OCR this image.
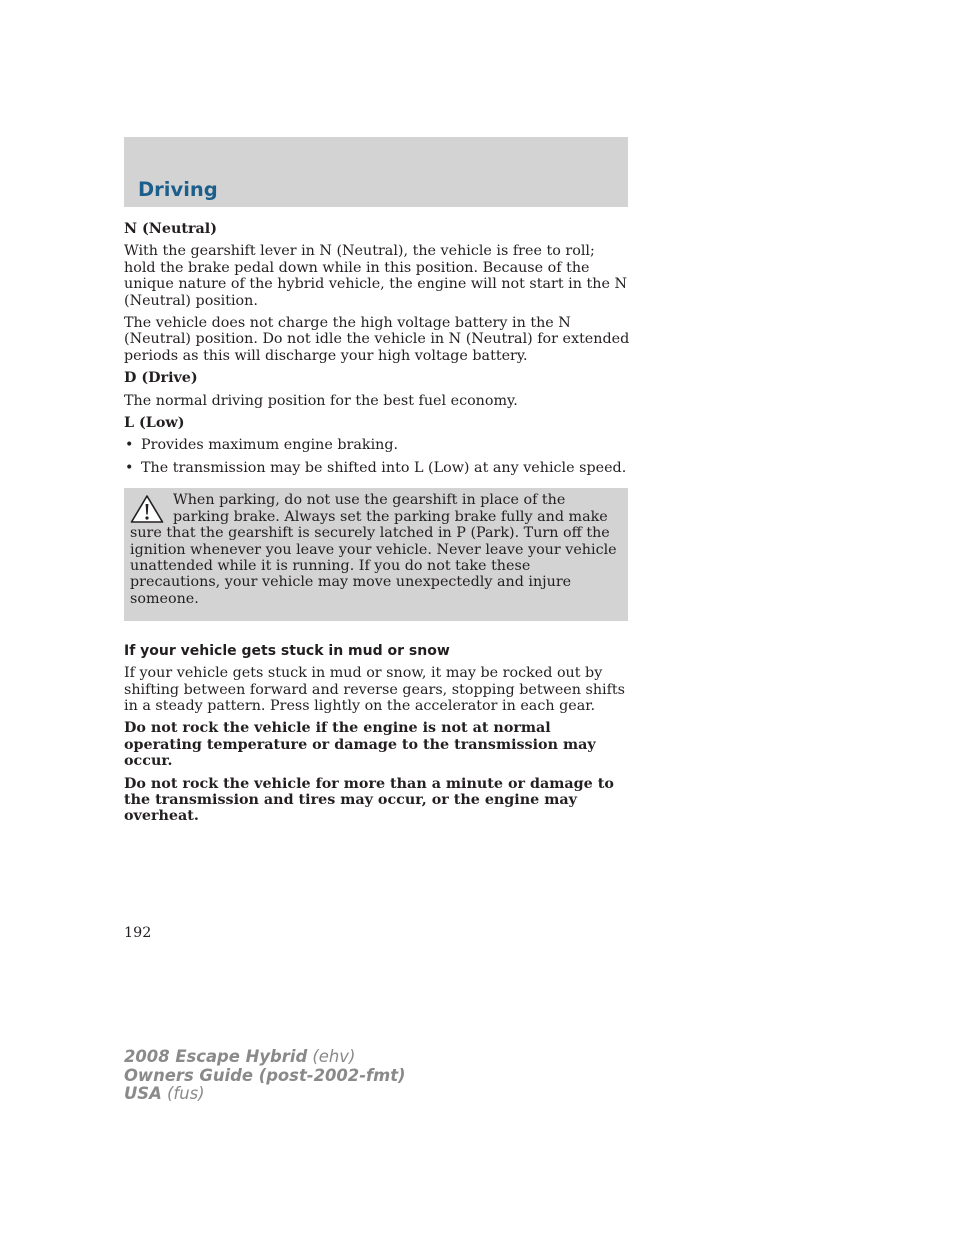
Driving

N (Neutral)

With the gearshift lever in N (Neutral), the vehicle is free to roll; hold the brake pedal down while in this position. Because of the unique nature of the hybrid vehicle, the engine will not start in the N (Neutral) position.

The vehicle does not charge the high voltage battery in the N (Neutral) position. Do not idle the vehicle in N (Neutral) for extended periods as this will discharge your high voltage battery.

D (Drive)

The normal driving position for the best fuel economy.

L (Low)

• Provides maximum engine braking.
• The transmission may be shifted into L (Low) at any vehicle speed.

When parking, do not use the gearshift in place of the parking brake. Always set the parking brake fully and make sure that the gearshift is securely latched in P (Park). Turn off the ignition whenever you leave your vehicle. Never leave your vehicle unattended while it is running. If you do not take these precautions, your vehicle may move unexpectedly and injure someone.

If your vehicle gets stuck in mud or snow

If your vehicle gets stuck in mud or snow, it may be rocked out by shifting between forward and reverse gears, stopping between shifts in a steady pattern. Press lightly on the accelerator in each gear.

Do not rock the vehicle if the engine is not at normal operating temperature or damage to the transmission may occur.

Do not rock the vehicle for more than a minute or damage to the transmission and tires may occur, or the engine may overheat.

192
2008 Escape Hybrid (ehv)
Owners Guide (post-2002-fmt)
USA (fus)
